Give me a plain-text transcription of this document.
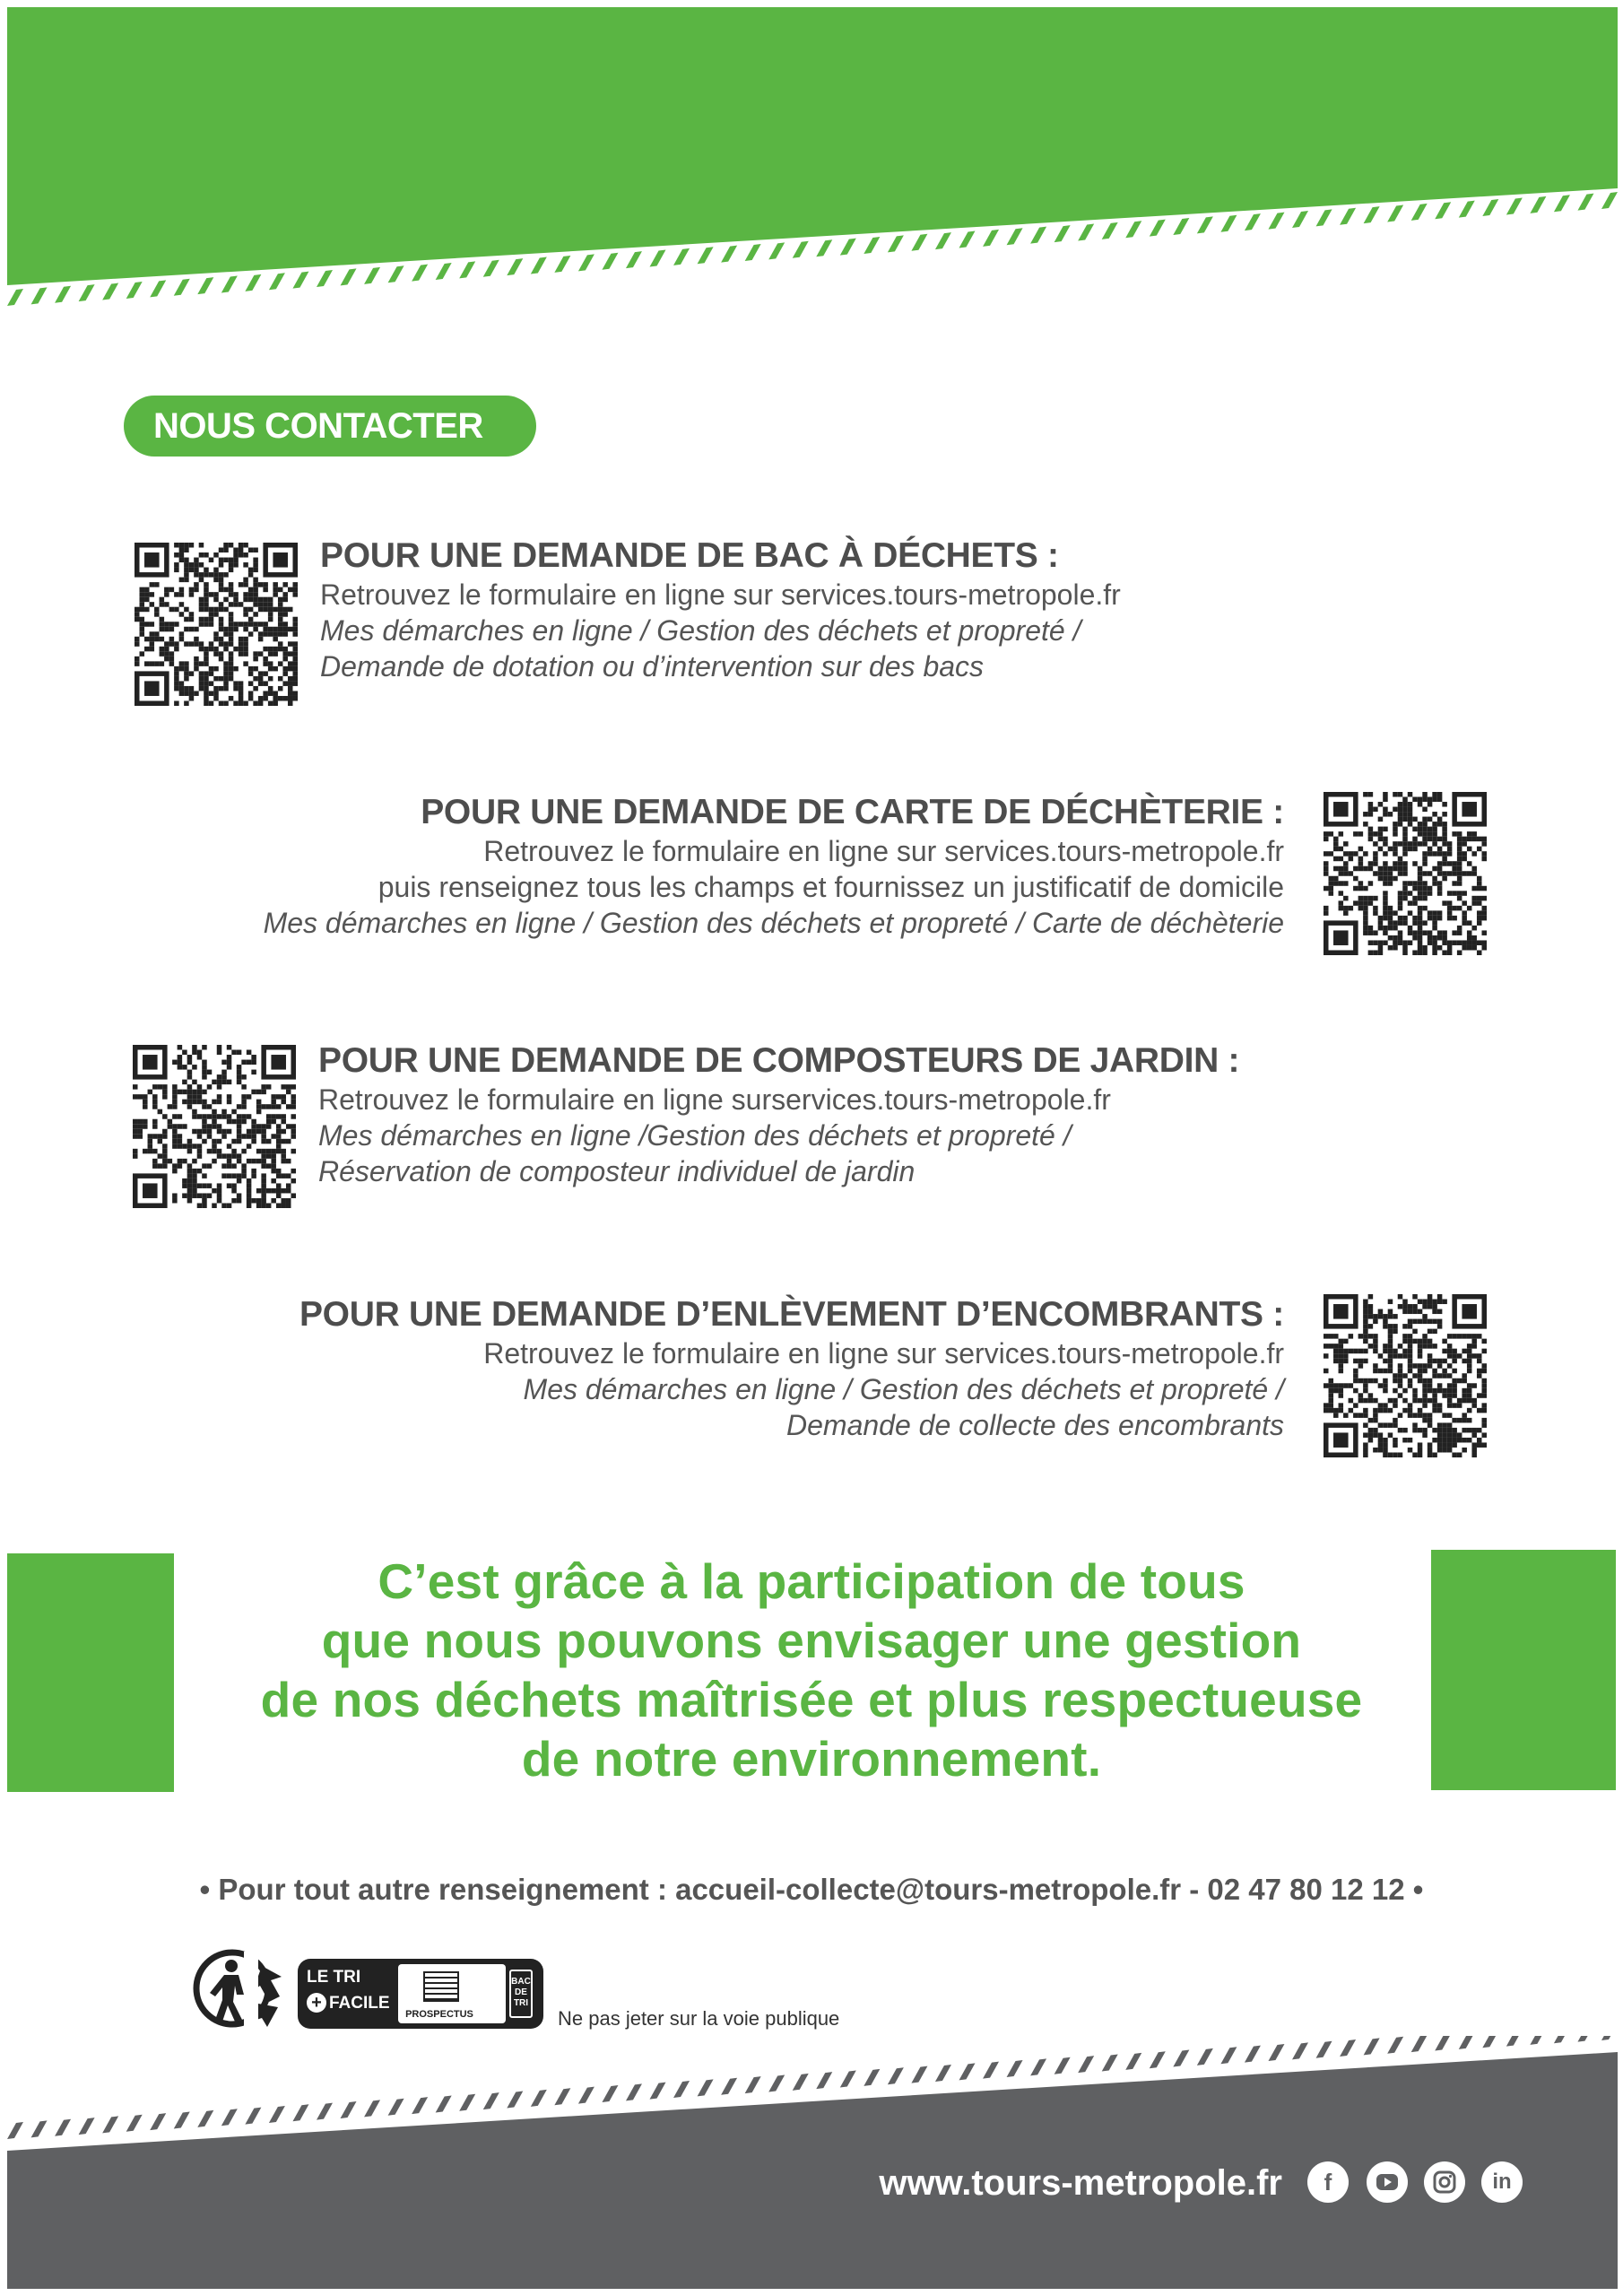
NOUS CONTACTER
POUR UNE DEMANDE DE BAC À DÉCHETS :
Retrouvez le formulaire en ligne sur services.tours-metropole.fr
Mes démarches en ligne / Gestion des déchets et propreté /
Demande de dotation ou d’intervention sur des bacs
POUR UNE DEMANDE DE CARTE DE DÉCHÈTERIE :
Retrouvez le formulaire en ligne sur services.tours-metropole.fr
puis renseignez tous les champs et fournissez un justificatif de domicile
Mes démarches en ligne / Gestion des déchets et propreté / Carte de déchèterie
POUR UNE DEMANDE DE COMPOSTEURS DE JARDIN :
Retrouvez le formulaire en ligne surservices.tours-metropole.fr
Mes démarches en ligne /Gestion des déchets et propreté /
Réservation de composteur individuel de jardin
POUR UNE DEMANDE D’ENLÈVEMENT D’ENCOMBRANTS :
Retrouvez le formulaire en ligne sur services.tours-metropole.fr
Mes démarches en ligne / Gestion des déchets et propreté /
Demande de collecte des encombrants
C’est grâce à la participation de tous
que nous pouvons envisager une gestion
de nos déchets maîtrisée et plus respectueuse
de notre environnement.
• Pour tout autre renseignement : accueil-collecte@tours-metropole.fr - 02 47 80 12 12 •
LE TRI
+ FACILE
PROSPECTUS
BAC DE TRI
Ne pas jeter sur la voie publique
www.tours-metropole.fr	f	in
